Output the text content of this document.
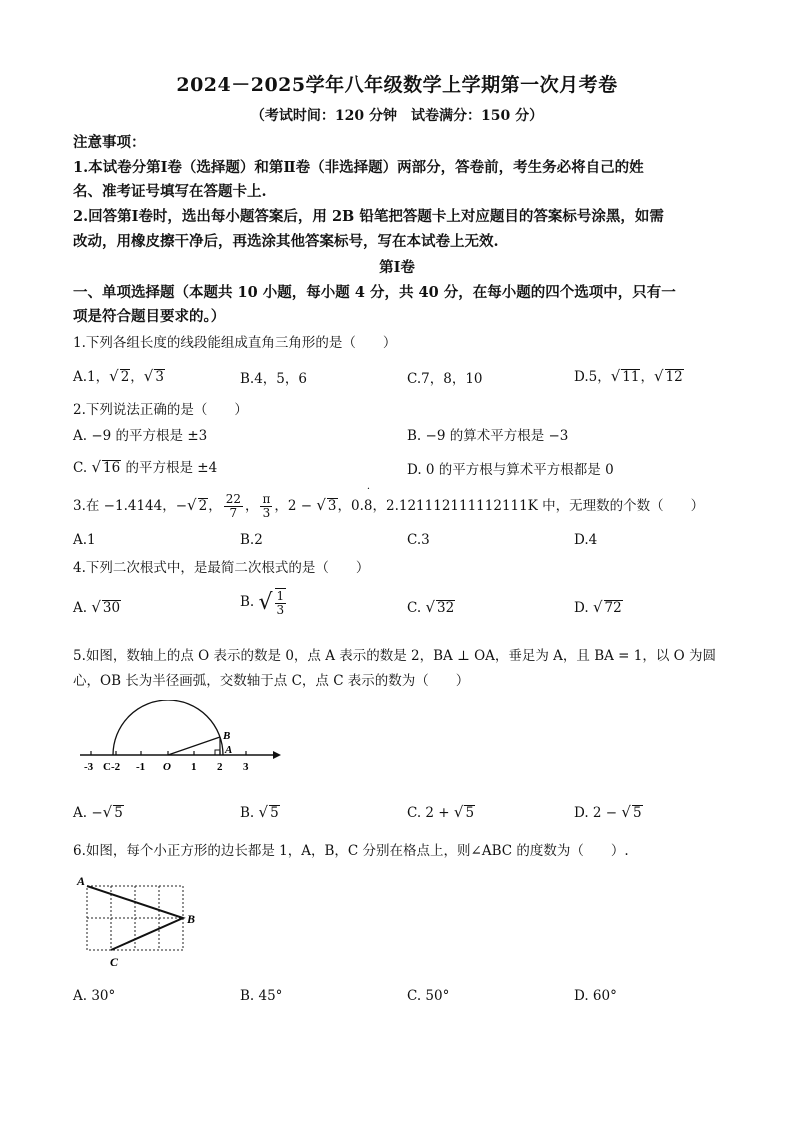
2024－2025学年八年级数学上学期第一次月考卷
（考试时间：120 分钟　试卷满分：150 分）
注意事项：
1.本试卷分第Ⅰ卷（选择题）和第Ⅱ卷（非选择题）两部分，答卷前，考生务必将自己的姓
名、准考证号填写在答题卡上.
2.回答第Ⅰ卷时，选出每小题答案后，用 2B 铅笔把答题卡上对应题目的答案标号涂黑，如需
改动，用橡皮擦干净后，再选涂其他答案标号，写在本试卷上无效.
第Ⅰ卷
一、单项选择题（本题共 10 小题，每小题 4 分，共 40 分，在每小题的四个选项中，只有一
项是符合题目要求的。）
1.下列各组长度的线段能组成直角三角形的是（　　）
A.1，√ 2，√ 3	B.4，5，6	C.7，8，10	D.5，√ 11，√ 12
2.下列说法正确的是（　　）
A. −9 的平方根是 ±3	B. −9 的算术平方根是 −3
C. √ 16 的平方根是 ±4	D. 0 的平方根与算术平方根都是 0
3.在 −1.4144，−√ 2， $\frac{22}{7}$ ， $\frac{\pi}{3}$ ，2 − √ 3，0.8
·
，2.121112111112111K 中，无理数的个数（　　）
A.1	B.2	C.3	D.4
4.下列二次根式中，是最简二次根式的是（　　）
A. √ 30	B. √ $\frac{1}{3}$	C. √ 32	D. √ 72
5.如图，数轴上的点 O 表示的数是 0，点 A 表示的数是 2，BA ⊥ OA，垂足为 A，且 BA = 1，以 O 为圆
心，OB 长为半径画弧，交数轴于点 C，点 C 表示的数为（　　）
B
A
-3 C-2 -1 O 1 2 3
A. −√ 5	B. √ 5	C. 2 + √ 5	D. 2 − √ 5
6.如图，每个小正方形的边长都是 1，A，B，C 分别在格点上，则∠ABC 的度数为（　　）.
A
B
C
A. 30°	B. 45°	C. 50°	D. 60°
